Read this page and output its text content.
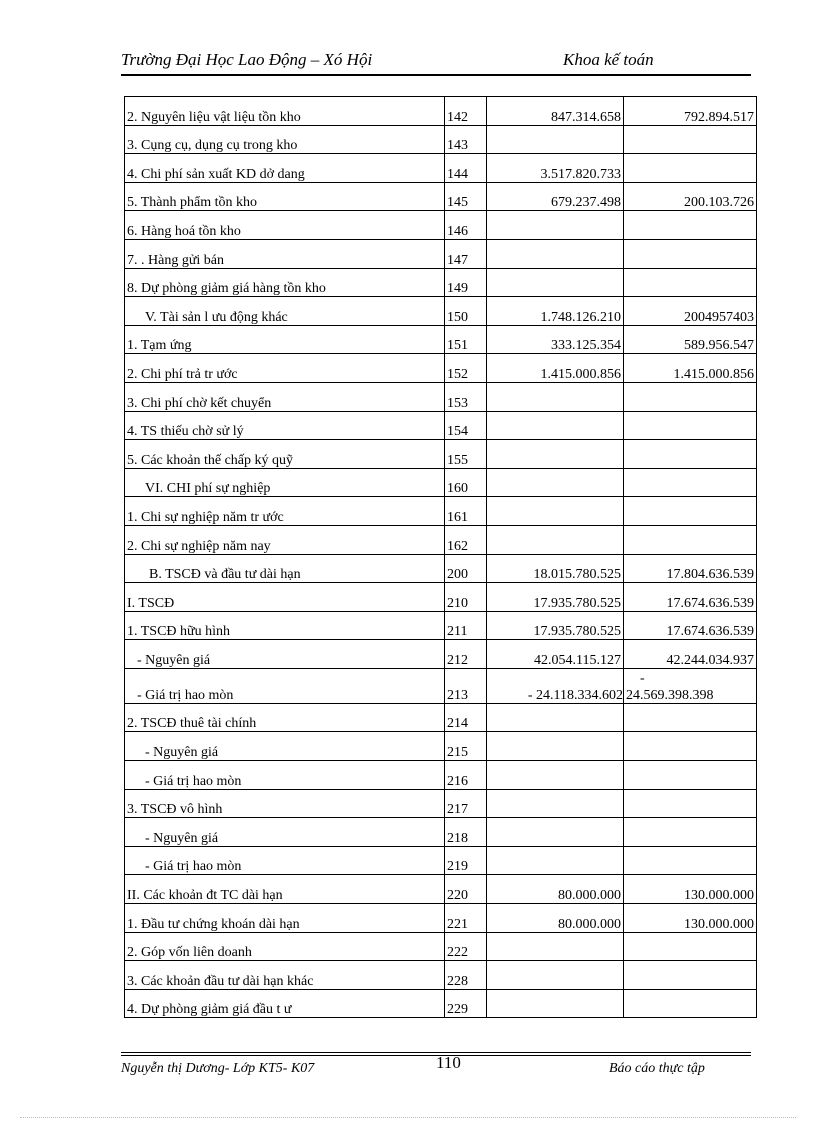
Trường Đại Học Lao Động – Xó Hội	Khoa kế toán
2. Nguyên liệu vật liệu tồn kho	142	847.314.658	792.894.517
3. Cụng cụ, dụng cụ trong kho	143		
4. Chi phí sản xuất KD dở dang	144	3.517.820.733	
5. Thành phẩm tồn kho	145	679.237.498	200.103.726
6. Hàng hoá tồn kho	146		
7. . Hàng gửi bán	147		
8. Dự phòng giảm giá hàng tồn kho	149		
V. Tài sản l ưu động khác	150	1.748.126.210	2004957403
1. Tạm ứng	151	333.125.354	589.956.547
2. Chi phí trả tr ước	152	1.415.000.856	1.415.000.856
3. Chi phí chờ kết chuyển	153		
4. TS thiếu chờ sử lý	154		
5. Các khoản thế chấp ký quỹ	155		
VI. CHI phí sự nghiệp	160		
1. Chi sự nghiệp năm tr ước	161		
2. Chi sự nghiệp năm nay	162		
B. TSCĐ và đầu tư dài hạn	200	18.015.780.525	17.804.636.539
I. TSCĐ	210	17.935.780.525	17.674.636.539
1. TSCĐ hữu hình	211	17.935.780.525	17.674.636.539
- Nguyên giá	212	42.054.115.127	42.244.034.937
- Giá trị hao mòn	213	- 24.118.334.602	-
24.569.398.398
2. TSCĐ thuê tài chính	214		
- Nguyên giá	215		
- Giá trị hao mòn	216		
3. TSCĐ vô hình	217		
- Nguyên giá	218		
- Giá trị hao mòn	219		
II. Các khoản đt TC dài hạn	220	80.000.000	130.000.000
1. Đầu tư chứng khoán dài hạn	221	80.000.000	130.000.000
2. Góp vốn liên doanh	222		
3. Các khoản đầu tư dài hạn khác	228		
4. Dự phòng giảm giá đầu t ư	229		
Nguyễn thị Dương- Lớp KT5- K07	110	Báo cáo thực tập
